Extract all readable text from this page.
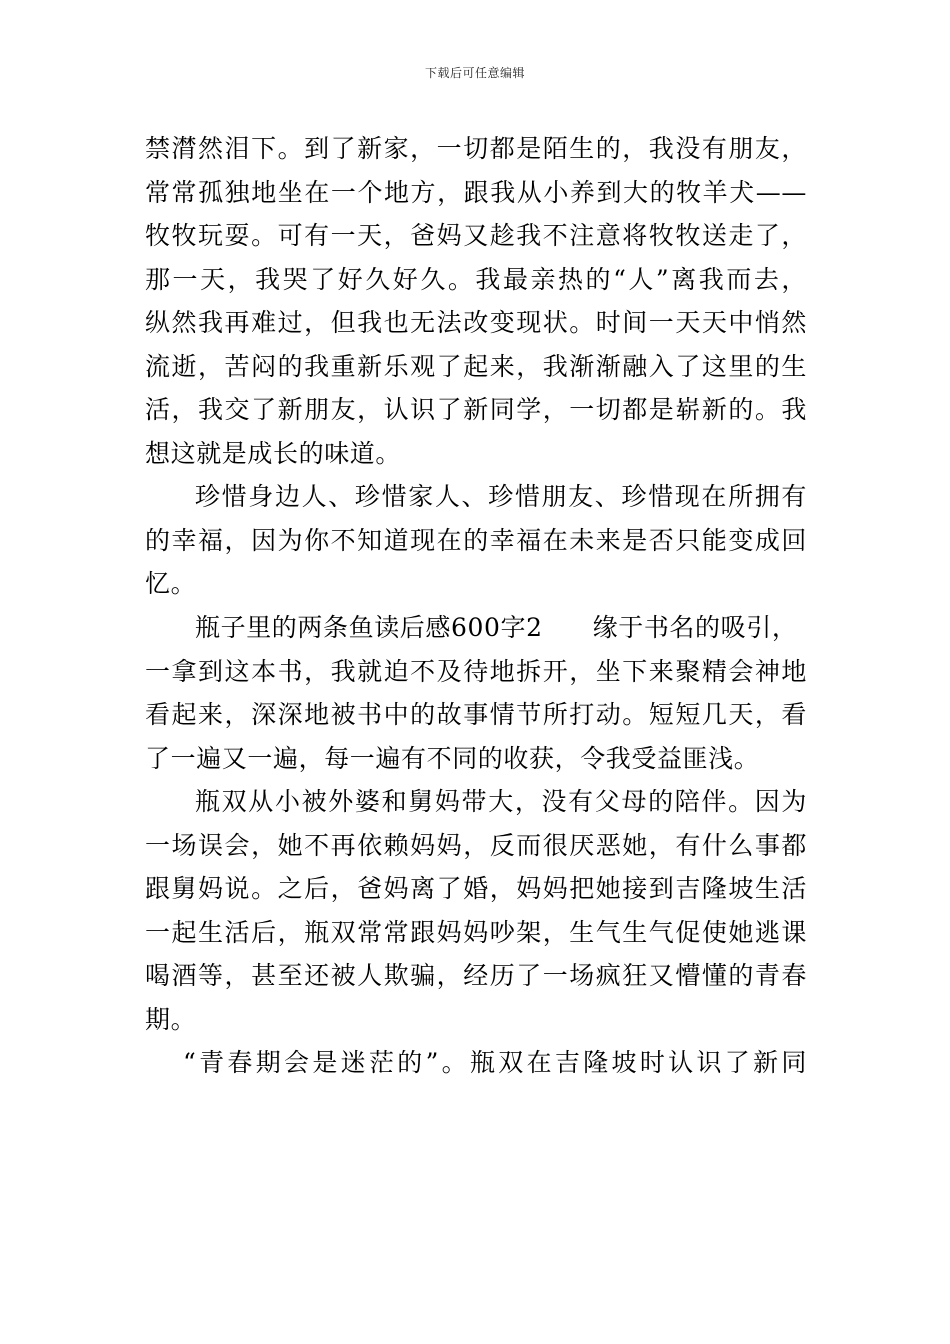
下载后可任意编辑
禁潸然泪下。到了新家，一切都是陌生的，我没有朋友，
常常孤独地坐在一个地方，跟我从小养到大的牧羊犬——
牧牧玩耍。可有一天，爸妈又趁我不注意将牧牧送走了，
那一天，我哭了好久好久。我最亲热的“人”离我而去，
纵然我再难过，但我也无法改变现状。时间一天天中悄然
流逝，苦闷的我重新乐观了起来，我渐渐融入了这里的生
活，我交了新朋友，认识了新同学，一切都是崭新的。我
想这就是成长的味道。
珍惜身边人、珍惜家人、珍惜朋友、珍惜现在所拥有
的幸福，因为你不知道现在的幸福在未来是否只能变成回
忆。
瓶子里的两条鱼读后感600字2 缘于书名的吸引，
一拿到这本书，我就迫不及待地拆开，坐下来聚精会神地
看起来，深深地被书中的故事情节所打动。短短几天，看
了一遍又一遍，每一遍有不同的收获，令我受益匪浅。
瓶双从小被外婆和舅妈带大，没有父母的陪伴。因为
一场误会，她不再依赖妈妈，反而很厌恶她，有什么事都
跟舅妈说。之后，爸妈离了婚，妈妈把她接到吉隆坡生活
一起生活后，瓶双常常跟妈妈吵架，生气生气促使她逃课
喝酒等，甚至还被人欺骗，经历了一场疯狂又懵懂的青春
期。
“青春期会是迷茫的”。瓶双在吉隆坡时认识了新同
